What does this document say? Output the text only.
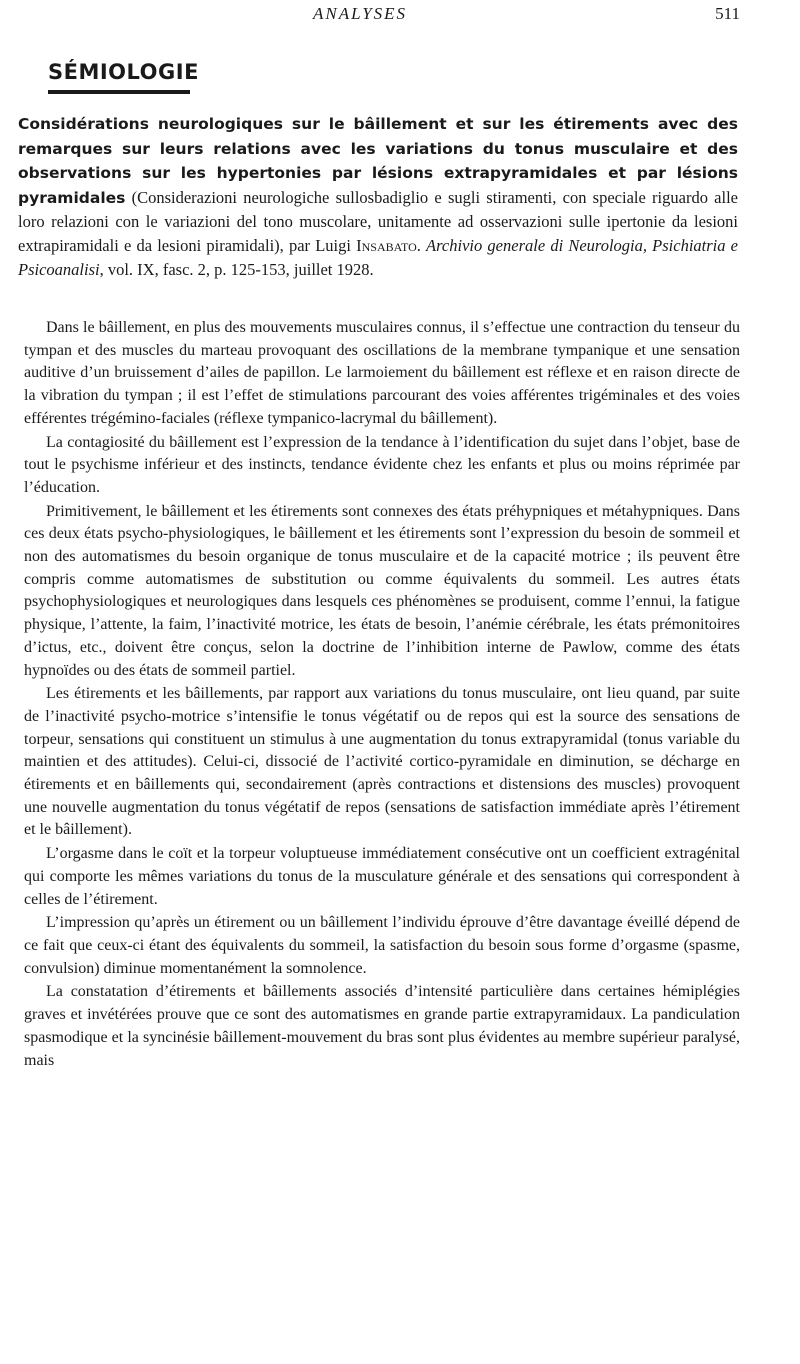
ANALYSES	511
SÉMIOLOGIE
Considérations neurologiques sur le bâillement et sur les étirements avec des remarques sur leurs relations avec les variations du tonus musculaire et des observations sur les hypertonies par lésions extrapyramidales et par lésions pyramidales (Considerazioni neurologiche sullosbadiglio e sugli stiramenti, con speciale riguardo alle loro relazioni con le variazioni del tono muscolare, unitamente ad osservazioni sulle ipertonie da lesioni extrapiramidali e da lesioni piramidali), par Luigi Insabato. Archivio generale di Neurologia, Psichiatria e Psicoanalisi, vol. IX, fasc. 2, p. 125-153, juillet 1928.

Dans le bâillement, en plus des mouvements musculaires connus, il s’effectue une contraction du tenseur du tympan et des muscles du marteau provoquant des oscillations de la membrane tympanique et une sensation auditive d’un bruissement d’ailes de papillon. Le larmoiement du bâillement est réflexe et en raison directe de la vibration du tympan ; il est l’effet de stimulations parcourant des voies afférentes trigéminales et des voies efférentes trégémino-faciales (réflexe tympanico-lacrymal du bâillement).

La contagiosité du bâillement est l’expression de la tendance à l’identification du sujet dans l’objet, base de tout le psychisme inférieur et des instincts, tendance évidente chez les enfants et plus ou moins réprimée par l’éducation.

Primitivement, le bâillement et les étirements sont connexes des états préhypniques et métahypniques. Dans ces deux états psycho-physiologiques, le bâillement et les étirements sont l’expression du besoin de sommeil et non des automatismes du besoin organique de tonus musculaire et de la capacité motrice ; ils peuvent être compris comme automatismes de substitution ou comme équivalents du sommeil. Les autres états psychophysiologiques et neurologiques dans lesquels ces phénomènes se produisent, comme l’ennui, la fatigue physique, l’attente, la faim, l’inactivité motrice, les états de besoin, l’anémie cérébrale, les états prémonitoires d’ictus, etc., doivent être conçus, selon la doctrine de l’inhibition interne de Pawlow, comme des états hypnoïdes ou des états de sommeil partiel.

Les étirements et les bâillements, par rapport aux variations du tonus musculaire, ont lieu quand, par suite de l’inactivité psycho-motrice s’intensifie le tonus végétatif ou de repos qui est la source des sensations de torpeur, sensations qui constituent un stimulus à une augmentation du tonus extrapyramidal (tonus variable du maintien et des attitudes). Celui-ci, dissocié de l’activité cortico-pyramidale en diminution, se décharge en étirements et en bâillements qui, secondairement (après contractions et distensions des muscles) provoquent une nouvelle augmentation du tonus végétatif de repos (sensations de satisfaction immédiate après l’étirement et le bâillement).

L’orgasme dans le coït et la torpeur voluptueuse immédiatement consécutive ont un coefficient extragénital qui comporte les mêmes variations du tonus de la musculature générale et des sensations qui correspondent à celles de l’étirement.

L’impression qu’après un étirement ou un bâillement l’individu éprouve d’être davantage éveillé dépend de ce fait que ceux-ci étant des équivalents du sommeil, la satisfaction du besoin sous forme d’orgasme (spasme, convulsion) diminue momentanément la somnolence.

La constatation d’étirements et bâillements associés d’intensité particulière dans certaines hémiplégies graves et invétérées prouve que ce sont des automatismes en grande partie extrapyramidaux. La pandiculation spasmodique et la syncinésie bâillement-mouvement du bras sont plus évidentes au membre supérieur paralysé, mais
